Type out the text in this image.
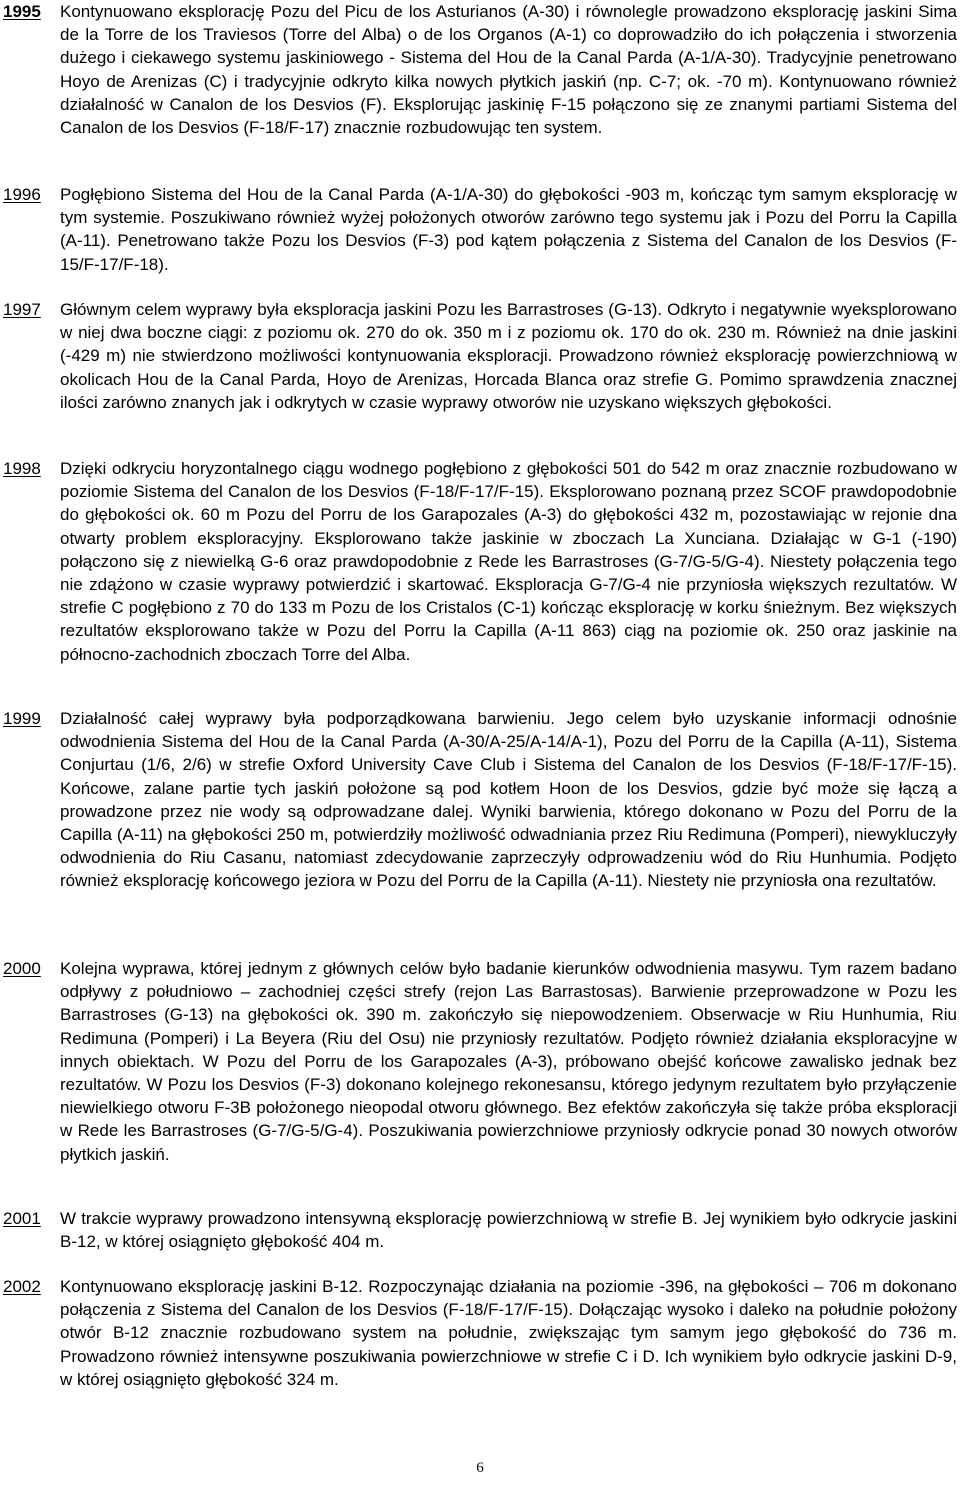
1995	Kontynuowano eksplorację Pozu del Picu de los Asturianos (A-30) i równolegle prowadzono eksplorację jaskini Sima de la Torre de los Traviesos (Torre del Alba) o de los Organos (A-1) co doprowadziło do ich połączenia i stworzenia dużego i ciekawego systemu jaskiniowego - Sistema del Hou de la Canal Parda (A-1/A-30). Tradycyjnie penetrowano Hoyo de Arenizas (C) i tradycyjnie odkryto kilka nowych płytkich jaskiń (np. C-7; ok. -70 m). Kontynuowano również działalność w Canalon de los Desvios (F). Eksplorując jaskinię F-15 połączono się ze znanymi partiami Sistema del Canalon de los Desvios (F-18/F-17) znacznie rozbudowując ten system.

1996	Pogłębiono Sistema del Hou de la Canal Parda (A-1/A-30) do głębokości -903 m, kończąc tym samym eksplorację w tym systemie. Poszukiwano również wyżej położonych otworów zarówno tego systemu jak i Pozu del Porru la Capilla (A-11). Penetrowano także Pozu los Desvios (F-3) pod kątem połączenia z Sistema del Canalon de los Desvios (F-15/F-17/F-18).

1997	Głównym celem wyprawy była eksploracja jaskini Pozu les Barrastroses (G-13). Odkryto i negatywnie wyeksplorowano w niej dwa boczne ciągi: z poziomu ok. 270 do ok. 350 m i z poziomu ok. 170 do ok. 230 m. Również na dnie jaskini (-429 m) nie stwierdzono możliwości kontynuowania eksploracji. Prowadzono również eksplorację powierzchniową w okolicach Hou de la Canal Parda, Hoyo de Arenizas, Horcada Blanca oraz strefie G. Pomimo sprawdzenia znacznej ilości zarówno znanych jak i odkrytych w czasie wyprawy otworów nie uzyskano większych głębokości.

1998	Dzięki odkryciu horyzontalnego ciągu wodnego pogłębiono z głębokości 501 do 542 m oraz znacznie rozbudowano w poziomie Sistema del Canalon de los Desvios (F-18/F-17/F-15). Eksplorowano poznaną przez SCOF prawdopodobnie do głębokości ok. 60 m Pozu del Porru de los Garapozales (A-3) do głębokości 432 m, pozostawiając w rejonie dna otwarty problem eksploracyjny. Eksplorowano także jaskinie w zboczach La Xunciana. Działając w G-1 (-190) połączono się z niewielką G-6 oraz prawdopodobnie z Rede les Barrastroses (G-7/G-5/G-4). Niestety połączenia tego nie zdążono w czasie wyprawy potwierdzić i skartować. Eksploracja G-7/G-4 nie przyniosła większych rezultatów. W strefie C pogłębiono z 70 do 133 m Pozu de los Cristalos (C-1) kończąc eksplorację w korku śnieżnym. Bez większych rezultatów eksplorowano także w Pozu del Porru la Capilla (A-11 863) ciąg na poziomie ok. 250 oraz jaskinie na północno-zachodnich zboczach Torre del Alba.

1999	Działalność całej wyprawy była podporządkowana barwieniu. Jego celem było uzyskanie informacji odnośnie odwodnienia Sistema del Hou de la Canal Parda (A-30/A-25/A-14/A-1), Pozu del Porru de la Capilla (A-11), Sistema Conjurtau (1/6, 2/6) w strefie Oxford University Cave Club i Sistema del Canalon de los Desvios (F-18/F-17/F-15). Końcowe, zalane partie tych jaskiń położone są pod kotłem Hoon de los Desvios, gdzie być może się łączą a prowadzone przez nie wody są odprowadzane dalej. Wyniki barwienia, którego dokonano w Pozu del Porru de la Capilla (A-11) na głębokości 250 m, potwierdziły możliwość odwadniania przez Riu Redimuna (Pomperi), niewykluczyły odwodnienia do Riu Casanu, natomiast zdecydowanie zaprzeczyły odprowadzeniu wód do Riu Hunhumia. Podjęto również eksplorację końcowego jeziora w Pozu del Porru de la Capilla (A-11). Niestety nie przyniosła ona rezultatów.

2000	Kolejna wyprawa, której jednym z głównych celów było badanie kierunków odwodnienia masywu. Tym razem badano odpływy z południowo – zachodniej części strefy (rejon Las Barrastosas). Barwienie przeprowadzone w Pozu les Barrastroses (G-13) na głębokości ok. 390 m. zakończyło się niepowodzeniem. Obserwacje w Riu Hunhumia, Riu Redimuna (Pomperi) i La Beyera (Riu del Osu) nie przyniosły rezultatów. Podjęto również działania eksploracyjne w innych obiektach. W Pozu del Porru de los Garapozales (A-3), próbowano obejść końcowe zawalisko jednak bez rezultatów. W Pozu los Desvios (F-3) dokonano kolejnego rekonesansu, którego jedynym rezultatem było przyłączenie niewielkiego otworu F-3B położonego nieopodal otworu głównego. Bez efektów zakończyła się także próba eksploracji w Rede les Barrastroses (G-7/G-5/G-4). Poszukiwania powierzchniowe przyniosły odkrycie ponad 30 nowych otworów płytkich jaskiń.

2001	W trakcie wyprawy prowadzono intensywną eksplorację powierzchniową w strefie B. Jej wynikiem było odkrycie jaskini B-12, w której osiągnięto głębokość 404 m.

2002	Kontynuowano eksplorację jaskini B-12. Rozpoczynając działania na poziomie -396, na głębokości – 706 m dokonano połączenia z Sistema del Canalon de los Desvios (F-18/F-17/F-15). Dołączając wysoko i daleko na południe położony otwór B-12 znacznie rozbudowano system na południe, zwiększając tym samym jego głębokość do 736 m. Prowadzono również intensywne poszukiwania powierzchniowe w strefie C i D. Ich wynikiem było odkrycie jaskini D-9, w której osiągnięto głębokość 324 m.

6
